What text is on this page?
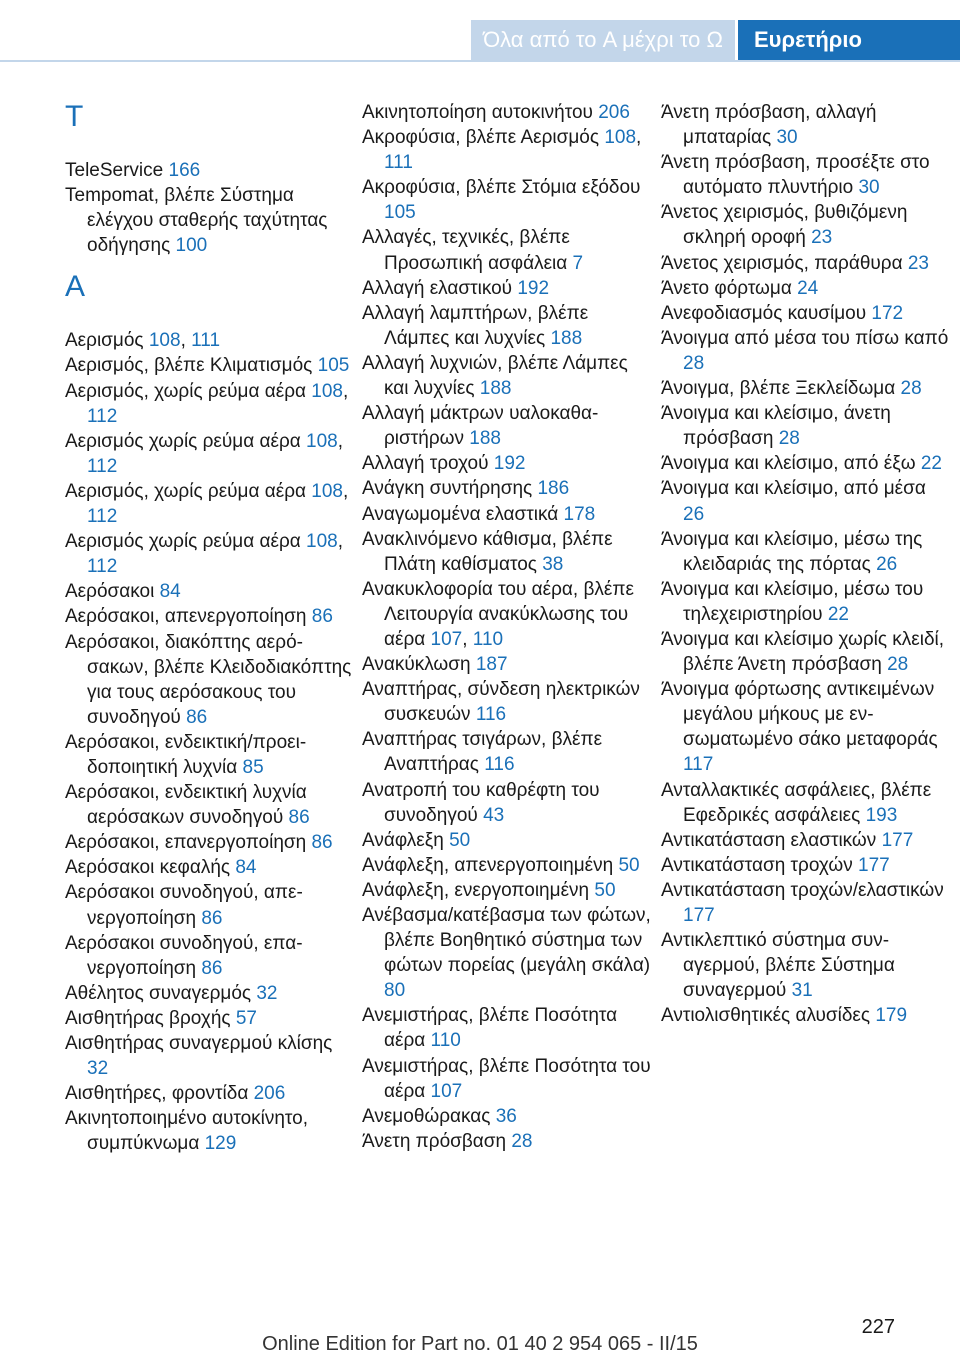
Όλα από το A μέχρι το Ω	Ευρετήριο
T

TeleService 166

Tempomat, βλέπε Σύστημα ελέγχου σταθερής ταχύτητας οδήγησης 100

A

Αερισμός 108, 111

Αερισμός, βλέπε Κλιματισμός 105

Αερισμός, χωρίς ρεύμα αέρα 108, 112

Αερισμός χωρίς ρεύμα αέρα 108, 112

Αερισμός, χωρίς ρεύμα αέρα 108, 112

Αερισμός χωρίς ρεύμα αέρα 108, 112

Αερόσακοι 84

Αερόσακοι, απενεργοποίηση 86

Αερόσακοι, διακόπτης αερόσακων, βλέπε Κλειδοδιακόπτης για τους αερόσακους του συνοδηγού 86

Αερόσακοι, ενδεικτική/προειδοποιητική λυχνία 85

Αερόσακοι, ενδεικτική λυχνία αερόσακων συνοδηγού 86

Αερόσακοι, επανεργοποίηση 86

Αερόσακοι κεφαλής 84

Αερόσακοι συνοδηγού, απενεργοποίηση 86

Αερόσακοι συνοδηγού, επανεργοποίηση 86

Αθέλητος συναγερμός 32

Αισθητήρας βροχής 57

Αισθητήρας συναγερμού κλίσης 32

Αισθητήρες, φροντίδα 206

Ακινητοποιημένο αυτοκίνητο, συμπύκνωμα 129

Ακινητοποίηση αυτοκινήτου 206

Ακροφύσια, βλέπε Αερισμός 108, 111

Ακροφύσια, βλέπε Στόμια εξόδου 105

Αλλαγές, τεχνικές, βλέπε Προσωπική ασφάλεια 7

Αλλαγή ελαστικού 192

Αλλαγή λαμπτήρων, βλέπε Λάμπες και λυχνίες 188

Αλλαγή λυχνιών, βλέπε Λάμπες και λυχνίες 188

Αλλαγή μάκτρων υαλοκαθαριστήρων 188

Αλλαγή τροχού 192

Ανάγκη συντήρησης 186

Αναγωμομένα ελαστικά 178

Ανακλινόμενο κάθισμα, βλέπε Πλάτη καθίσματος 38

Ανακυκλοφορία του αέρα, βλέπε Λειτουργία ανακύκλωσης του αέρα 107, 110

Ανακύκλωση 187

Αναπτήρας, σύνδεση ηλεκτρικών συσκευών 116

Αναπτήρας τσιγάρων, βλέπε Αναπτήρας 116

Ανατροπή του καθρέφτη του συνοδηγού 43

Ανάφλεξη 50

Ανάφλεξη, απενεργοποιημένη 50

Ανάφλεξη, ενεργοποιημένη 50

Ανέβασμα/κατέβασμα των φώτων, βλέπε Βοηθητικό σύστημα των φώτων πορείας (μεγάλη σκάλα) 80

Ανεμιστήρας, βλέπε Ποσότητα αέρα 110

Ανεμιστήρας, βλέπε Ποσότητα του αέρα 107

Ανεμοθώρακας 36

Άνετη πρόσβαση 28

Άνετη πρόσβαση, αλλαγή μπαταρίας 30

Άνετη πρόσβαση, προσέξτε στο αυτόματο πλυντήριο 30

Άνετος χειρισμός, βυθιζόμενη σκληρή οροφή 23

Άνετος χειρισμός, παράθυρα 23

Άνετο φόρτωμα 24

Ανεφοδιασμός καυσίμου 172

Άνοιγμα από μέσα του πίσω καπό 28

Άνοιγμα, βλέπε Ξεκλείδωμα 28

Άνοιγμα και κλείσιμο, άνετη πρόσβαση 28

Άνοιγμα και κλείσιμο, από έξω 22

Άνοιγμα και κλείσιμο, από μέσα 26

Άνοιγμα και κλείσιμο, μέσω της κλειδαριάς της πόρτας 26

Άνοιγμα και κλείσιμο, μέσω του τηλεχειριστηρίου 22

Άνοιγμα και κλείσιμο χωρίς κλειδί, βλέπε Άνετη πρόσβαση 28

Άνοιγμα φόρτωσης αντικειμένων μεγάλου μήκους με ενσωματωμένο σάκο μεταφοράς 117

Ανταλλακτικές ασφάλειες, βλέπε Εφεδρικές ασφάλειες 193

Αντικατάσταση ελαστικών 177

Αντικατάσταση τροχών 177

Αντικατάσταση τροχών/ελαστικών 177

Αντικλεπτικό σύστημα συναγερμού, βλέπε Σύστημα συναγερμού 31

Αντιολισθητικές αλυσίδες 179

227
Online Edition for Part no. 01 40 2 954 065 - II/15
